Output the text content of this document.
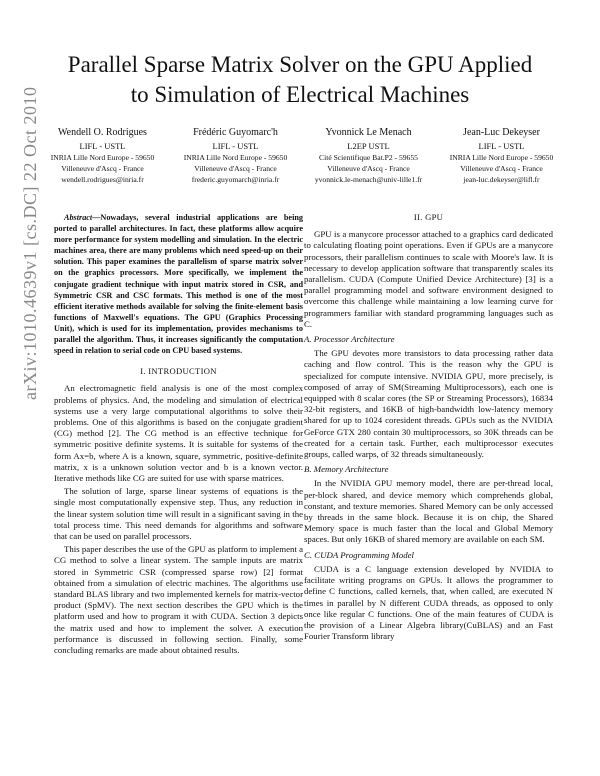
Parallel Sparse Matrix Solver on the GPU Applied
to Simulation of Electrical Machines
arXiv:1010.4639v1 [cs.DC] 22 Oct 2010	Wendell O. Rodrigues
LIFL - USTL
INRIA Lille Nord Europe - 59650
Villeneuve d'Ascq - France
wendell.rodrigues@inria.fr
Frédéric Guyomarc'h
LIFL - USTL
INRIA Lille Nord Europe - 59650
Villeneuve d'Ascq - France
frederic.guyomarch@inria.fr
Yvonnick Le Menach
L2EP USTL
Cité Scientifique Bat.P2 - 59655
Villeneuve d'Ascq - France
yvonnick.le-menach@univ-lille1.fr
Jean-Luc Dekeyser
LIFL - USTL
INRIA Lille Nord Europe - 59650
Villeneuve d'Ascq - France
jean-luc.dekeyser@lifl.fr
Abstract—Nowadays, several industrial applications are being ported to parallel architectures. In fact, these platforms allow acquire more performance for system modelling and simulation. In the electric machines area, there are many problems which need speed-up on their solution. This paper examines the parallelism of sparse matrix solver on the graphics processors. More specifically, we implement the conjugate gradient technique with input matrix stored in CSR, and Symmetric CSR and CSC formats. This method is one of the most efficient iterative methods available for solving the finite-element basis functions of Maxwell's equations. The GPU (Graphics Processing Unit), which is used for its implementation, provides mechanisms to parallel the algorithm. Thus, it increases significantly the computation speed in relation to serial code on CPU based systems.
I. INTRODUCTION

An electromagnetic field analysis is one of the most complex problems of physics. And, the modeling and simulation of electrical systems use a very large computational algorithms to solve their problems. One of this algorithms is based on the conjugate gradient (CG) method [2]. The CG method is an effective technique for symmetric positive definite systems. It is suitable for systems of the form Ax=b, where A is a known, square, symmetric, positive-definite matrix, x is a unknown solution vector and b is a known vector. Iterative methods like CG are suited for use with sparse matrices.

The solution of large, sparse linear systems of equations is the single most computationally expensive step. Thus, any reduction in the linear system solution time will result in a significant saving in the total process time. This need demands for algorithms and software that can be used on parallel processors.

This paper describes the use of the GPU as platform to implement a CG method to solve a linear system. The sample inputs are matrix stored in Symmetric CSR (compressed sparse row) [2] format obtained from a simulation of electric machines. The algorithms use standard BLAS library and two implemented kernels for matrix-vector product (SpMV). The next section describes the GPU which is the platform used and how to program it with CUDA. Section 3 depicts the matrix used and how to implement the solver. A execution performance is discussed in following section. Finally, some concluding remarks are made about obtained results.

II. GPU

GPU is a manycore processor attached to a graphics card dedicated to calculating floating point operations. Even if GPUs are a manycore processors, their parallelism continues to scale with Moore's law. It is necessary to develop application software that transparently scales its parallelism. CUDA (Compute Unified Device Architecture) [3] is a parallel programming model and software environment designed to overcome this challenge while maintaining a low learning curve for programmers familiar with standard programming languages such as C.

A. Processor Architecture

The GPU devotes more transistors to data processing rather data caching and flow control. This is the reason why the GPU is specialized for compute intensive. NVIDIA GPU, more precisely, is composed of array of SM(Streaming Multiprocessors), each one is equipped with 8 scalar cores (the SP or Streaming Processors), 16834 32-bit registers, and 16KB of high-bandwidth low-latency memory shared for up to 1024 coresident threads. GPUs such as the NVIDIA GeForce GTX 280 contain 30 multiprocessors, so 30K threads can be created for a certain task. Further, each multiprocessor executes groups, called warps, of 32 threads simultaneously.

B. Memory Architecture

In the NVIDIA GPU memory model, there are per-thread local, per-block shared, and device memory which comprehends global, constant, and texture memories. Shared Memory can be only accessed by threads in the same block. Because it is on chip, the Shared Memory space is much faster than the local and Global Memory spaces. But only 16KB of shared memory are available on each SM.

C. CUDA Programming Model

CUDA is a C language extension developed by NVIDIA to facilitate writing programs on GPUs. It allows the programmer to define C functions, called kernels, that, when called, are executed N times in parallel by N different CUDA threads, as opposed to only once like regular C functions. One of the main features of CUDA is the provision of a Linear Algebra library(CuBLAS) and an Fast Fourier Transform library
